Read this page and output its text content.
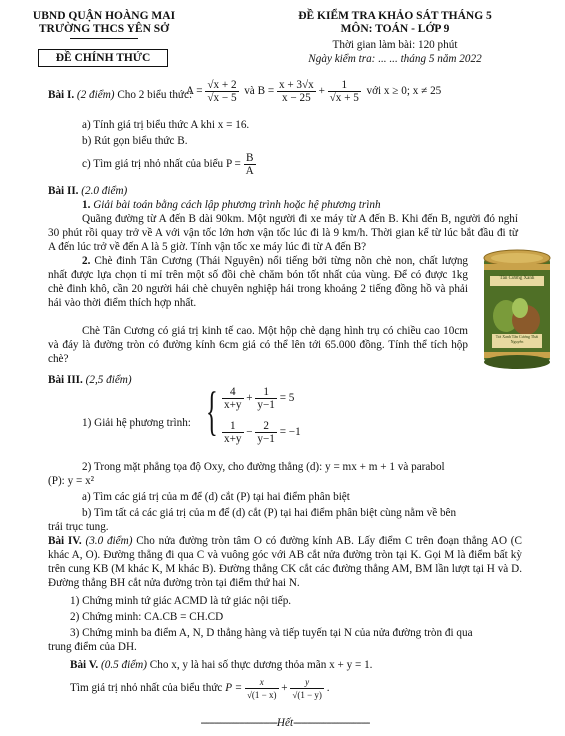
UBND QUẬN HOÀNG MAI
TRƯỜNG THCS YÊN SỞ
ĐỀ CHÍNH THỨC
ĐỀ KIỂM TRA KHẢO SÁT THÁNG 5
MÔN: TOÁN - LỚP 9
Thời gian làm bài: 120 phút
Ngày kiểm tra: ... ... tháng 5 năm 2022
Bài I. (2 điểm) Cho 2 biểu thức:
$A = \frac{√x + 2}{√x - 5}$ và $B = \frac{x + 3√x}{x - 25} + \frac{1}{√x + 5}$ với x ≥ 0; x ≠ 25
a) Tính giá trị biểu thức A khi x = 16.
b) Rút gọn biểu thức B.
c) Tìm giá trị nhỏ nhất của biểu $P = \frac{B}{A}$
Bài II. (2.0 điểm)
1. Giải bài toán bằng cách lập phương trình hoặc hệ phương trình
Quãng đường từ A đến B dài 90km. Một người đi xe máy từ A đến B. Khi đến B, người đó nghỉ 30 phút rồi quay trở về A với vận tốc lớn hơn vận tốc lúc đi là 9 km/h. Thời gian kể từ lúc bắt đầu đi từ A đến lúc trở về đến A là 5 giờ. Tính vận tốc xe máy lúc đi từ A đến B?
2. Chè đinh Tân Cương (Thái Nguyên) nổi tiếng bởi từng nõn chè non, chất lượng nhất được lựa chọn tỉ mỉ trên một số đồi chè chăm bón tốt nhất của vùng. Để có được 1kg chè đinh khô, cần 20 người hái chè chuyên nghiệp hái trong khoảng 2 tiếng đồng hồ và phải hái vào thời điểm thích hợp nhất.
Chè Tân Cương có giá trị kinh tế cao. Một hộp chè dạng hình trụ có chiều cao 10cm và đáy là đường tròn có đường kính 6cm giá có thể lên tới 65.000 đồng. Tính thể tích hộp chè?
Tân Cương Xanh
Trà Xanh Tân Cương Thái Nguyên
Bài III. (2,5 điểm)
1) Giải hệ phương trình: { $\frac{4}{x+y} + \frac{1}{y-1} = 5$
$\frac{1}{x+y} - \frac{2}{y-1} = -1$
2) Trong mặt phẳng tọa độ Oxy, cho đường thẳng (d): y = mx + m + 1 và parabol
(P): y = x²
a) Tìm các giá trị của m để (d) cắt (P) tại hai điểm phân biệt
b) Tìm tất cả các giá trị của m để (d) cắt (P) tại hai điểm phân biệt cùng nằm về bên
trái trục tung.
Bài IV. (3.0 điểm) Cho nửa đường tròn tâm O có đường kính AB. Lấy điểm C trên đoạn thẳng AO (C khác A, O). Đường thẳng đi qua C và vuông góc với AB cắt nửa đường tròn tại K. Gọi M là điểm bất kỳ trên cung KB (M khác K, M khác B). Đường thẳng CK cắt các đường thẳng AM, BM lần lượt tại H và D. Đường thẳng BH cắt nửa đường tròn tại điểm thứ hai N.
1) Chứng minh tứ giác ACMD là tứ giác nội tiếp.
2) Chứng minh: CA.CB = CH.CD
3) Chứng minh ba điểm A, N, D thẳng hàng và tiếp tuyến tại N của nửa đường tròn đi qua
trung điểm của DH.
Bài V. (0.5 điểm) Cho x, y là hai số thực dương thỏa mãn x + y = 1.
Tìm giá trị nhỏ nhất của biểu thức $P = \frac{x}{√(1 - x)} + \frac{y}{√(1 - y)}$ .
----------------------------Hết----------------------------
